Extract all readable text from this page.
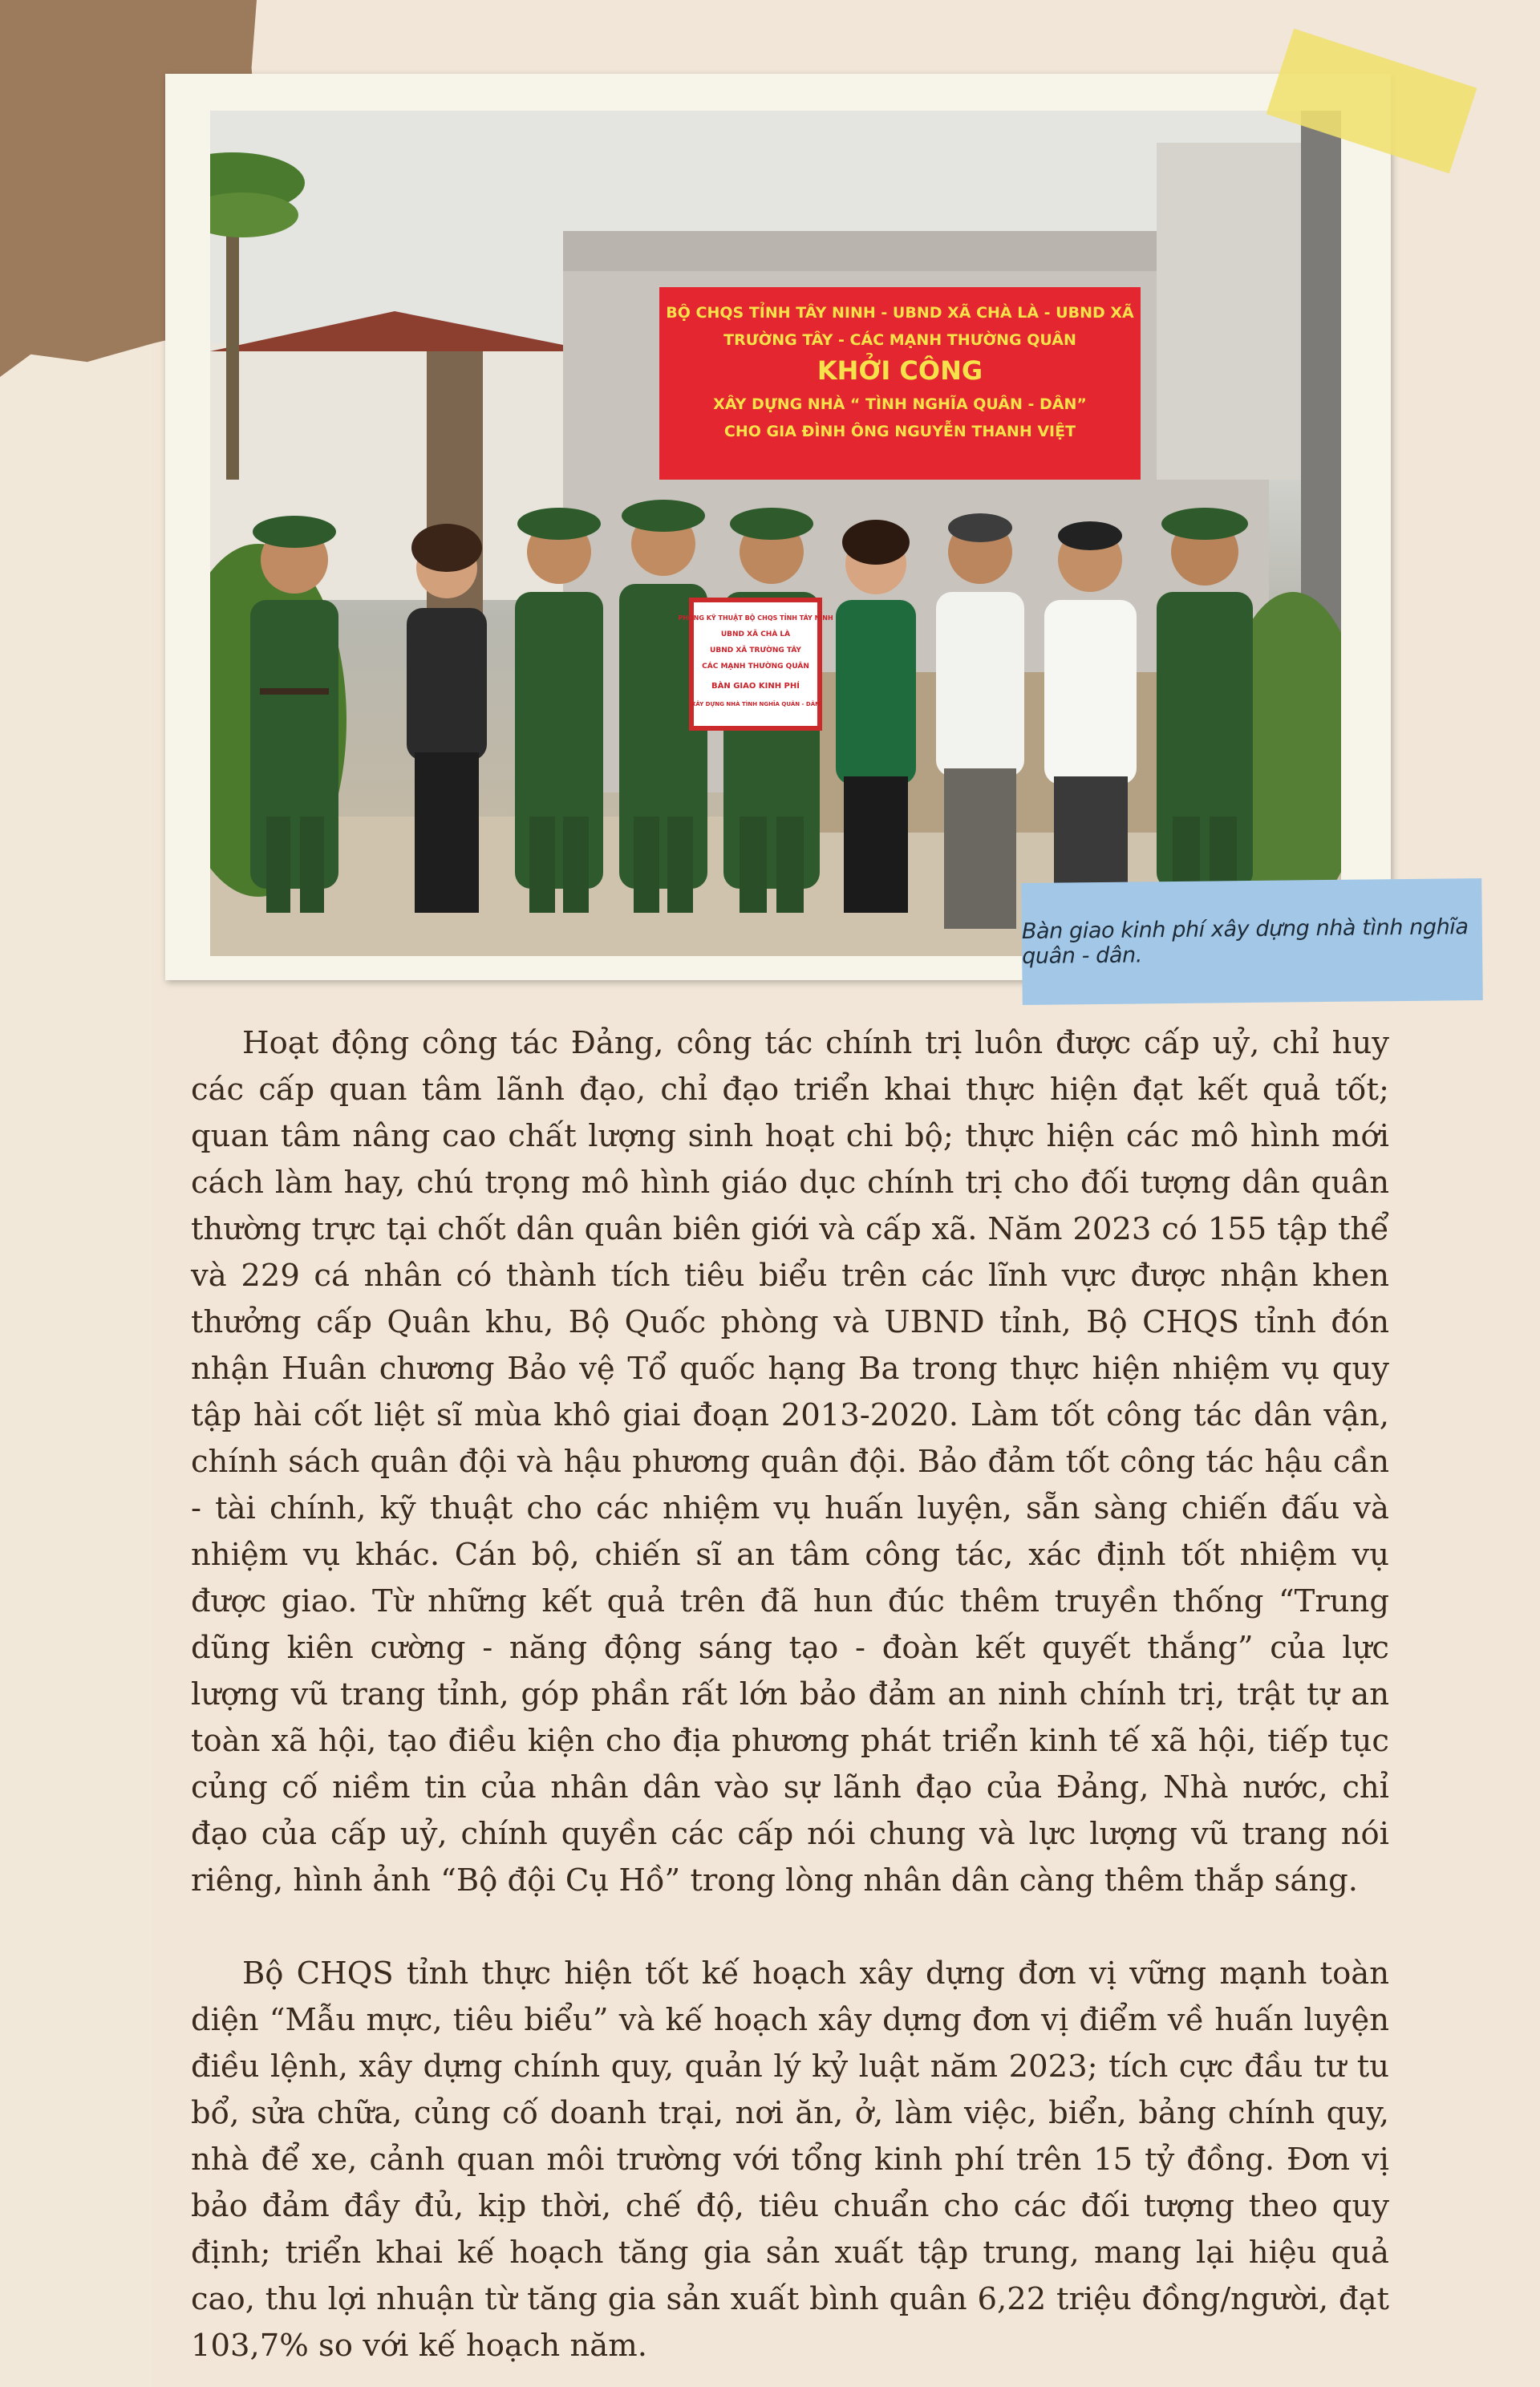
BỘ CHQS TỈNH TÂY NINH - UBND XÃ CHÀ LÀ - UBND XÃ
TRƯỜNG TÂY - CÁC MẠNH THƯỜNG QUÂN
KHỞI CÔNG
XÂY DỰNG NHÀ “ TÌNH NGHĨA QUÂN - DÂN”
CHO GIA ĐÌNH ÔNG NGUYỄN THANH VIỆT
PHÒNG KỸ THUẬT BỘ CHQS TỈNH TÂY NINH
UBND XÃ CHÀ LÀ
UBND XÃ TRƯỜNG TÂY
CÁC MẠNH THƯỜNG QUÂN
BÀN GIAO KINH PHÍ
XÂY DỰNG NHÀ TÌNH NGHĨA QUÂN - DÂN
Bàn giao kinh phí xây dựng nhà tình nghĩa quân - dân.

Hoạt động công tác Đảng, công tác chính trị luôn được cấp uỷ, chỉ huy các cấp quan tâm lãnh đạo, chỉ đạo triển khai thực hiện đạt kết quả tốt; quan tâm nâng cao chất lượng sinh hoạt chi bộ; thực hiện các mô hình mới cách làm hay, chú trọng mô hình giáo dục chính trị cho đối tượng dân quân thường trực tại chốt dân quân biên giới và cấp xã. Năm 2023 có 155 tập thể và 229 cá nhân có thành tích tiêu biểu trên các lĩnh vực được nhận khen thưởng cấp Quân khu, Bộ Quốc phòng và UBND tỉnh, Bộ CHQS tỉnh đón nhận Huân chương Bảo vệ Tổ quốc hạng Ba trong thực hiện nhiệm vụ quy tập hài cốt liệt sĩ mùa khô giai đoạn 2013-2020. Làm tốt công tác dân vận, chính sách quân đội và hậu phương quân đội. Bảo đảm tốt công tác hậu cần - tài chính, kỹ thuật cho các nhiệm vụ huấn luyện, sẵn sàng chiến đấu và nhiệm vụ khác. Cán bộ, chiến sĩ an tâm công tác, xác định tốt nhiệm vụ được giao. Từ những kết quả trên đã hun đúc thêm truyền thống “Trung dũng kiên cường - năng động sáng tạo - đoàn kết quyết thắng” của lực lượng vũ trang tỉnh, góp phần rất lớn bảo đảm an ninh chính trị, trật tự an toàn xã hội, tạo điều kiện cho địa phương phát triển kinh tế xã hội, tiếp tục củng cố niềm tin của nhân dân vào sự lãnh đạo của Đảng, Nhà nước, chỉ đạo của cấp uỷ, chính quyền các cấp nói chung và lực lượng vũ trang nói riêng, hình ảnh “Bộ đội Cụ Hồ” trong lòng nhân dân càng thêm thắp sáng.

Bộ CHQS tỉnh thực hiện tốt kế hoạch xây dựng đơn vị vững mạnh toàn diện “Mẫu mực, tiêu biểu” và kế hoạch xây dựng đơn vị điểm về huấn luyện điều lệnh, xây dựng chính quy, quản lý kỷ luật năm 2023; tích cực đầu tư tu bổ, sửa chữa, củng cố doanh trại, nơi ăn, ở, làm việc, biển, bảng chính quy, nhà để xe, cảnh quan môi trường với tổng kinh phí trên 15 tỷ đồng. Đơn vị bảo đảm đầy đủ, kịp thời, chế độ, tiêu chuẩn cho các đối tượng theo quy định; triển khai kế hoạch tăng gia sản xuất tập trung, mang lại hiệu quả cao, thu lợi nhuận từ tăng gia sản xuất bình quân 6,22 triệu đồng/người, đạt 103,7% so với kế hoạch năm.
